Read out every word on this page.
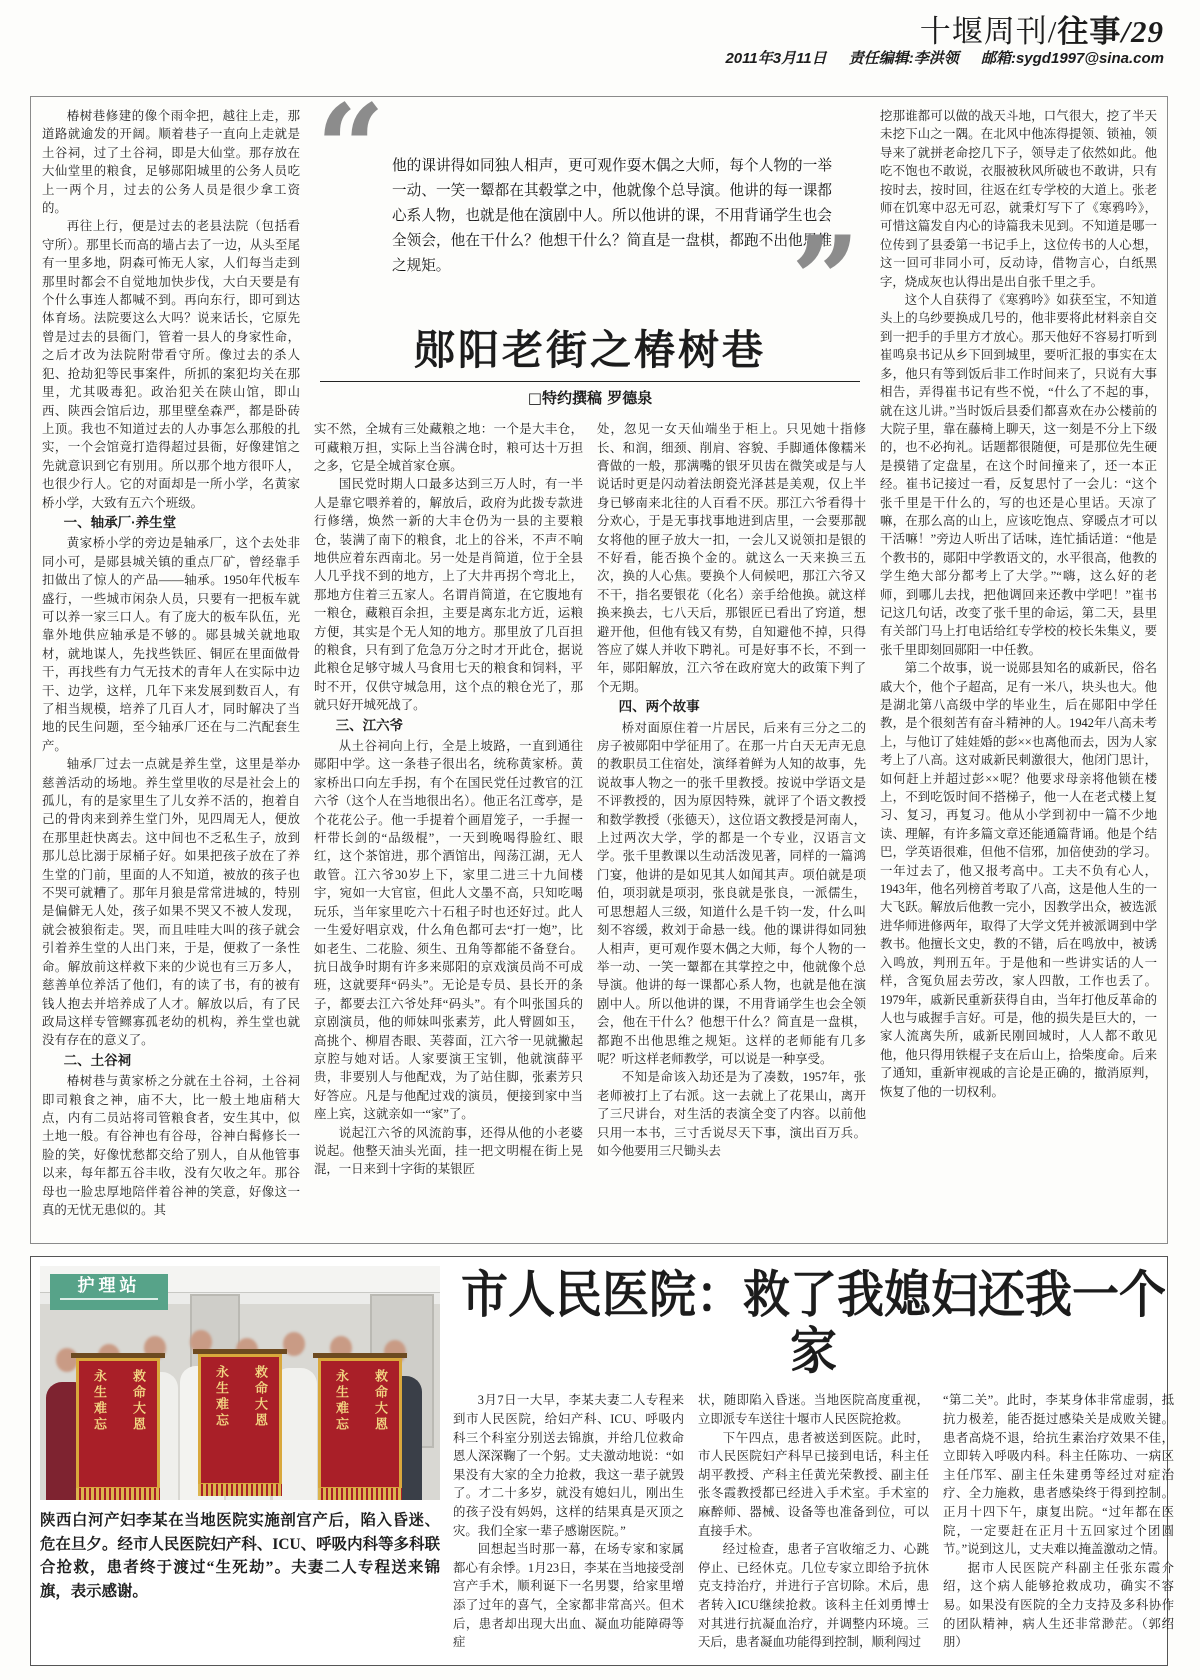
十堰周刊/往事/29
2011年3月11日 责任编辑:李洪领 邮箱:sygd1997@sina.com
椿树巷修建的像个雨伞把，越往上走，那道路就逾发的开阔。顺着巷子一直向上走就是土谷祠，过了土谷祠，即是大仙堂。那存放在大仙堂里的粮食，足够郧阳城里的公务人员吃上一两个月，过去的公务人员是很少拿工资的。
再往上行，便是过去的老县法院（包括看守所）。那里长而高的墙占去了一边，从头至尾有一里多地，阴森可怖无人家，人们每当走到那里时都会不自觉地加快步伐，大白天要是有个什么事连人都喊不到。再向东行，即可到达体育场。法院要这么大吗？说来话长，它原先曾是过去的县衙门，管着一县人的身家性命，之后才改为法院附带看守所。像过去的杀人犯、抢劫犯等民事案件，所抓的案犯均关在那里，尤其吸毒犯。政治犯关在陕山馆，即山西、陕西会馆后边，那里壁垒森严，都是卧砖上顶。我也不知道过去的人办事怎么那般的扎实，一个会馆竟打造得超过县衙，好像建馆之先就意识到它有别用。所以那个地方很吓人，也很少行人。它的对面却是一所小学，名黄家桥小学，大致有五六个班级。
一、轴承厂·养生堂
黄家桥小学的旁边是轴承厂，这个去处非同小可，是郧县城关镇的重点厂矿，曾经靠手扣做出了惊人的产品——轴承。1950年代板车盛行，一些城市闲杂人员，只要有一把板车就可以养一家三口人。有了庞大的板车队伍，光靠外地供应轴承是不够的。郧县城关就地取材，就地谋人，先找些铁匠、铜匠在里面做骨干，再找些有力气无技术的青年人在实际中边干、边学，这样，几年下来发展到数百人，有了相当规模，培养了几百人才，同时解决了当地的民生问题，至今轴承厂还在与二汽配套生产。
轴承厂过去一点就是养生堂，这里是举办慈善活动的场地。养生堂里收的尽是社会上的孤儿，有的是家里生了儿女养不活的，抱着自己的骨肉来到养生堂门外，见四周无人，便放在那里赶快离去。这中间也不乏私生子，放到那儿总比溺于尿桶子好。如果把孩子放在了养生堂的门前，里面的人不知道，被放的孩子也不哭可就糟了。那年月狼是常常进城的，特别是偏僻无人处，孩子如果不哭又不被人发现，就会被狼衔走。哭，而且哇哇大叫的孩子就会引着养生堂的人出门来，于是，便救了一条性命。解放前这样救下来的少说也有三万多人，慈善单位养活了他们，有的读了书，有的被有钱人抱去并培养成了人才。解放以后，有了民政局这样专管鳏寡孤老幼的机构，养生堂也就没有存在的意义了。
二、土谷祠
椿树巷与黄家桥之分就在土谷祠，土谷祠即司粮食之神，庙不大，比一般土地庙稍大点，内有二员站将司管粮食者，安生其中，似土地一般。有谷神也有谷母，谷神白髯修长一脸的笑，好像忧愁都交给了别人，自从他管事以来，每年都五谷丰收，没有欠收之年。那谷母也一脸忠厚地陪伴着谷神的笑意，好像这一真的无忧无患似的。其
“ 他的课讲得如同独人相声，更可观作耍木偶之大师，每个人物的一举一动、一笑一颦都在其毂掌之中，他就像个总导演。他讲的每一课都心系人物，也就是他在演剧中人。所以他讲的课，不用背诵学生也会全领会，他在干什么？他想干什么？简直是一盘棋，都跑不出他思维之规矩。	”
郧阳老街之椿树巷
□特约撰稿 罗德泉
实不然，全城有三处藏粮之地：一个是大丰仓，可藏粮万担，实际上当谷满仓时，粮可达十万担之多，它是全城首家仓禀。
国民党时期人口最多达到三万人时，有一半人是靠它喂养着的，解放后，政府为此拨专款进行修缮，焕然一新的大丰仓仍为一县的主要粮仓，装满了南下的粮食，北上的谷米，不声不响地供应着东西南北。另一处是肖简道，位于全县人几乎找不到的地方，上了大井再拐个弯北上，那地方住着三五家人。名谓肖简道，在它腹地有一粮仓，藏粮百余担，主要是离东北方近，运粮方便，其实是个无人知的地方。那里放了几百担的粮食，只有到了危急万分之时才开此仓，据说此粮仓足够守城人马食用七天的粮食和饲料，平时不开，仅供守城急用，这个点的粮仓光了，那就只好开城死战了。
三、江六爷
从土谷祠向上行，全是上坡路，一直到通往郧阳中学。这一条巷子很出名，统称黄家桥。黄家桥出口向左手拐，有个在国民党任过教官的江六爷（这个人在当地很出名）。他正名江鸢亭，是个花花公子。他一手提着个画眉笼子，一手握一杆带长剑的“品级棍”，一天到晚喝得脸红、眼红，这个茶馆进，那个酒馆出，闯荡江湖，无人敢管。江六爷30岁上下，家里二进三十九间楼宇，宛如一大官宦，但此人文墨不高，只知吃喝玩乐，当年家里吃六十石租子时也还好过。此人一生爱好唱京戏，什么角色都可去“打一炮”，比如老生、二花脸、须生、丑角等都能不备登台。抗日战争时期有许多来郧阳的京戏演员尚不可成班，这就要拜“码头”。无论是专员、县长开的条子，都要去江六爷处拜“码头”。有个叫张国兵的京剧演员，他的师妹叫张素芳，此人臂圆如玉，高挑个、柳眉杏眼、芙蓉面，江六爷一见就撇起京腔与她对话。人家要演王宝钏，他就演薛平贵，非要别人与他配戏，为了站住脚，张素芳只好答应。凡是与他配过戏的演员，便接到家中当座上宾，这就亲如一“家”了。
说起江六爷的风流韵事，还得从他的小老婆说起。他整天油头光面，挂一把文明棍在街上晃混，一日来到十字街的某银匠
处，忽见一女天仙端坐于柜上。只见她十指修长、和润，细颈、削肩、容貌、手脚通体像糯米膏做的一般，那满嘴的银牙贝齿在微笑或是与人说话时更是闪动着法朗瓷光泽甚是美观，仅上半身已够南来北往的人百看不厌。那江六爷看得十分欢心，于是无事找事地进到店里，一会要那靓女将他的匣子放大一扣，一会儿又说领扣是银的不好看，能否换个金的。就这么一天来换三五次，换的人心焦。要换个人伺候吧，那江六爷又不干，指名要银花（化名）亲手给他换。就这样换来换去，七八天后，那银匠已看出了窍道，想避开他，但他有钱又有势，自知避他不掉，只得答应了媒人并收下聘礼。可是好事不长，不到一年，郧阳解放，江六爷在政府宽大的政策下判了个无期。
四、两个故事
桥对面原住着一片居民，后来有三分之二的房子被郧阳中学征用了。在那一片白天无声无息的教职员工住宿处，演绎着鲜为人知的故事，先说故事人物之一的张千里教授。按说中学语文是不评教授的，因为原因特殊，就评了个语文教授和数学教授（张德天），这位语文教授是河南人，上过两次大学，学的都是一个专业，汉语言文学。张千里教课以生动活泼见著，同样的一篇鸿门宴，他讲的是如见其人如闻其声。项伯就是项伯，项羽就是项羽，张良就是张良，一派儒生，可思想超人三级，知道什么是千钧一发，什么叫刻不容缓，救刘于命悬一线。他的课讲得如同独人相声，更可观作耍木偶之大师，每个人物的一举一动、一笑一颦都在其掌控之中，他就像个总导演。他讲的每一课都心系人物，也就是他在演剧中人。所以他讲的课，不用背诵学生也会全领会，他在干什么？他想干什么？简直是一盘棋，都跑不出他思维之规矩。这样的老师能有几多呢？听这样老师教学，可以说是一种享受。
不知是命该入劫还是为了凑数，1957年，张老师被打上了右派。这一去就上了花果山，离开了三尺讲台，对生活的表演全变了内容。以前他只用一本书，三寸舌说尽天下事，演出百万兵。如今他要用三尺锄头去
挖那谁都可以做的战天斗地，口气很大，挖了半天未挖下山之一隅。在北风中他冻得提领、锁袖，领导来了就拼老命挖几下子，领导走了依然如此。他吃不饱也不敢说，衣服被秋风所破也不敢讲，只有按时去，按时回，往返在红专学校的大道上。张老师在饥寒中忍无可忍，就秉灯写下了《寒鸦吟》，可惜这篇发自内心的诗篇我未见到。不知道是哪一位传到了县委第一书记手上，这位传书的人心想，这一回可非同小可，反动诗，借物言心，白纸黑字，烧成灰也认得出是出自张千里之手。
这个人自获得了《寒鸦吟》如获至宝，不知道头上的乌纱要换成几号的，他非要将此材料亲自交到一把手的手里方才放心。那天他好不容易打听到崔鸣泉书记从乡下回到城里，要听汇报的事实在太多，他只有等到饭后非工作时间来了，只说有大事相告，弄得崔书记有些不悦，“什么了不起的事，就在这儿讲。”当时饭后县委们都喜欢在办公楼前的大院子里，靠在藤椅上聊天，这一刻是不分上下级的，也不必拘礼。话题都很随便，可是那位先生硬是摸错了定盘星，在这个时间撞来了，还一本正经。崔书记接过一看，反复思忖了一会儿：“这个张千里是干什么的，写的也还是心里话。天凉了嘛，在那么高的山上，应该吃饱点、穿暖点才可以干活嘛！”旁边人听出了话味，连忙插话道：“他是个教书的，郧阳中学教语文的，水平很高，他教的学生绝大部分都考上了大学。”“嗨，这么好的老师，到哪儿去找，把他调回来还教中学吧！”崔书记这几句话，改变了张千里的命运，第二天，县里有关部门马上打电话给红专学校的校长朱集义，要张千里即刻回郧阳一中任教。
第二个故事，说一说郧县知名的戚新民，俗名戚大个，他个子超高，足有一米八，块头也大。他是湖北第八高级中学的毕业生，后在郧阳中学任教，是个很刻苦有奋斗精神的人。1942年八高未考上，与他订了娃娃婚的彭××也离他而去，因为人家考上了八高。这对戚新民刺激很大，他闭门思计，如何赶上并超过彭××呢？他要求母亲将他锁在楼上，不到吃饭时间不搭梯子，他一人在老式楼上复习、复习，再复习。他从小学到初中一篇不少地读、理解，有许多篇文章还能通篇背诵。他是个结巴，学英语很难，但他不信邪，加倍使劲的学习。一年过去了，他又报考高中。工夫不负有心人，1943年，他名列榜首考取了八高，这是他人生的一大飞跃。解放后他教一完小，因教学出众，被选派进华师进修两年，取得了大学文凭并被派调到中学教书。他擅长文史，教的不错，后在鸣放中，被诱入鸣放，判刑五年。于是他和一些讲实话的人一样，含冤负屈去劳改，家人四散，工作也丢了。1979年，戚新民重新获得自由，当年打他反革命的人也与戚握手言好。可是，他的损失是巨大的，一家人流离失所，戚新民刚回城时，人人都不敢见他，他只得用铁棍子支在后山上，拾柴度命。后来了通知，重新审视戚的言论是正确的，撤消原判，恢复了他的一切权利。
护理站
永生难忘 救命大恩	永生难忘 救命大恩	永生难忘 救命大恩
陕西白河产妇李某在当地医院实施剖宫产后，陷入昏迷、危在旦夕。经市人民医院妇产科、ICU、呼吸内科等多科联合抢救，患者终于渡过“生死劫”。夫妻二人专程送来锦旗，表示感谢。
市人民医院：救了我媳妇还我一个家
3月7日一大早，李某夫妻二人专程来到市人民医院，给妇产科、ICU、呼吸内科三个科室分别送去锦旗，并给几位救命恩人深深鞠了一个躬。丈夫激动地说：“如果没有大家的全力抢救，我这一辈子就毁了。才二十多岁，就没有媳妇儿，刚出生的孩子没有妈妈，这样的结果真是灭顶之灾。我们全家一辈子感谢医院。”
回想起当时那一幕，在场专家和家属都心有余悸。1月23日，李某在当地接受剖宫产手术，顺利诞下一名男婴，给家里增添了过年的喜气，全家都非常高兴。但术后，患者却出现大出血、凝血功能障碍等症
状，随即陷入昏迷。当地医院高度重视，立即派专车送往十堰市人民医院抢救。
下午四点，患者被送到医院。此时，市人民医院妇产科早已接到电话，科主任胡平教授、产科主任黄光荣教授、副主任张冬霞教授都已经进入手术室。手术室的麻醉师、器械、设备等也准备到位，可以直接手术。
经过检查，患者子宫收缩乏力、心跳停止、已经休克。几位专家立即给予抗休克支持治疗，并进行子宫切除。术后，患者转入ICU继续抢救。该科主任刘勇博士对其进行抗凝血治疗，并调整内环境。三天后，患者凝血功能得到控制，顺利闯过
“第二关”。此时，李某身体非常虚弱，抵抗力极差，能否挺过感染关是成败关键。患者高烧不退，给抗生素治疗效果不佳，立即转入呼吸内科。科主任陈功、一病区主任邝军、副主任朱建勇等经过对症治疗、全力施救，患者感染终于得到控制。正月十四下午，康复出院。“过年都在医院，一定要赶在正月十五回家过个团圆节。”说到这儿，丈夫难以掩盖激动之情。
据市人民医院产科副主任张东霞介绍，这个病人能够抢救成功，确实不容易。如果没有医院的全力支持及多科协作的团队精神，病人生还非常渺茫。（郭绍朋）
